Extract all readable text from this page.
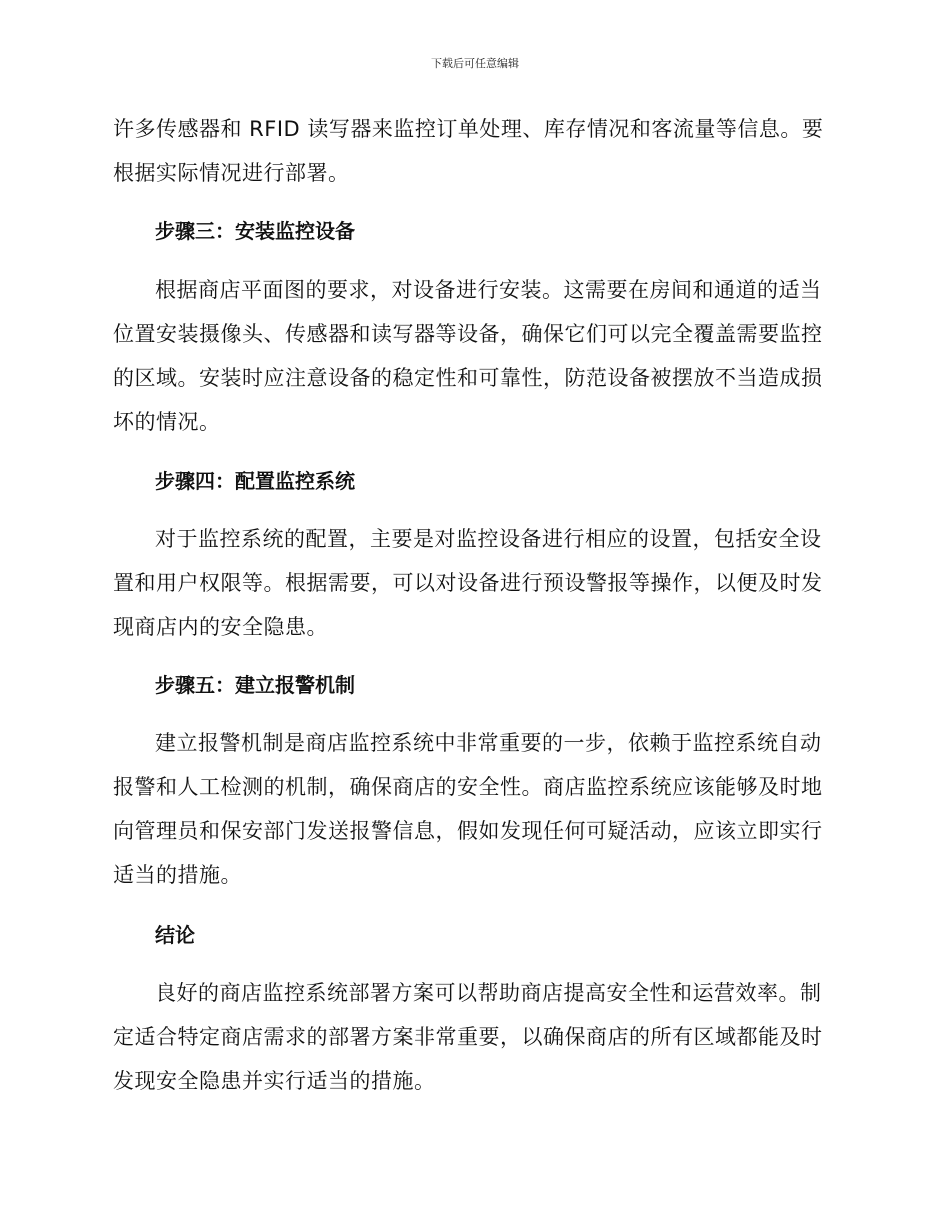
下载后可任意编辑

许多传感器和 RFID 读写器来监控订单处理、库存情况和客流量等信息。要根据实际情况进行部署。

步骤三：安装监控设备

根据商店平面图的要求，对设备进行安装。这需要在房间和通道的适当位置安装摄像头、传感器和读写器等设备，确保它们可以完全覆盖需要监控的区域。安装时应注意设备的稳定性和可靠性，防范设备被摆放不当造成损坏的情况。

步骤四：配置监控系统

对于监控系统的配置，主要是对监控设备进行相应的设置，包括安全设置和用户权限等。根据需要，可以对设备进行预设警报等操作，以便及时发现商店内的安全隐患。

步骤五：建立报警机制

建立报警机制是商店监控系统中非常重要的一步，依赖于监控系统自动报警和人工检测的机制，确保商店的安全性。商店监控系统应该能够及时地向管理员和保安部门发送报警信息，假如发现任何可疑活动，应该立即实行适当的措施。

结论

良好的商店监控系统部署方案可以帮助商店提高安全性和运营效率。制定适合特定商店需求的部署方案非常重要，以确保商店的所有区域都能及时发现安全隐患并实行适当的措施。
